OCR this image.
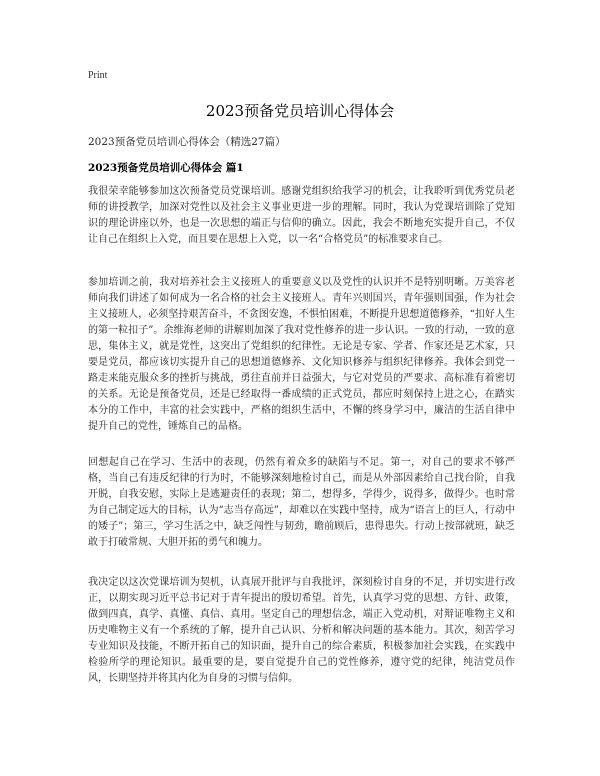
Print
2023预备党员培训心得体会

2023预备党员培训心得体会（精选27篇）

2023预备党员培训心得体会 篇1

我很荣幸能够参加这次预备党员党课培训。感谢党组织给我学习的机会，让我聆听到优秀党员老师的讲授教学，加深对党性以及社会主义事业更进一步的理解。同时，我认为党课培训除了党知识的理论讲座以外，也是一次思想的端正与信仰的确立。因此，我会不断地充实提升自己，不仅让自己在组织上入党，而且要在思想上入党，以一名“合格党员”的标准要求自己。

参加培训之前，我对培养社会主义接班人的重要意义以及党性的认识并不是特别明晰。万美容老师向我们讲述了如何成为一名合格的社会主义接班人。青年兴则国兴，青年强则国强，作为社会主义接班人，必须坚持艰苦奋斗，不贪图安逸，不惧怕困难，不断提升思想道德修养，“扣好人生的第一粒扣子”。余维海老师的讲解则加深了我对党性修养的进一步认识。一致的行动，一致的意思，集体主义，就是党性，这突出了党组织的纪律性。无论是专家、学者、作家还是艺术家，只要是党员，都应该切实提升自己的思想道德修养、文化知识修养与组织纪律修养。我体会到党一路走来能克服众多的挫折与挑战，勇往直前并日益强大，与它对党员的严要求、高标准有着密切的关系。无论是预备党员，还是已经取得一番成绩的正式党员，都应时刻保持上进之心，在踏实本分的工作中，丰富的社会实践中，严格的组织生活中，不懈的终身学习中，廉洁的生活自律中提升自己的党性，锤炼自己的品格。

回想起自己在学习、生活中的表现，仍然有着众多的缺陷与不足。第一，对自己的要求不够严格，当自己有违反纪律的行为时，不能够深刻地检讨自己，而是从外部因素给自己找台阶，自我开脱，自我安慰，实际上是逃避责任的表现；第二，想得多，学得少，说得多，做得少。也时常为自己制定远大的目标，认为“志当存高远”，却难以在实践中坚持，成为“语言上的巨人，行动中的矮子”；第三，学习生活之中，缺乏闯性与韧劲，瞻前顾后，患得患失。行动上按部就班，缺乏敢于打破常规、大胆开拓的勇气和魄力。

我决定以这次党课培训为契机，认真展开批评与自我批评，深刻检讨自身的不足，并切实进行改正，以期实现习近平总书记对于青年提出的殷切希望。首先，认真学习党的思想、方针、政策，做到四真，真学、真懂、真信、真用。坚定自己的理想信念，端正入党动机，对辩证唯物主义和历史唯物主义有一个系统的了解，提升自己认识、分析和解决问题的基本能力。其次，刻苦学习专业知识及技能，不断开拓自己的知识面，提升自己的综合素质，积极参加社会实践，在实践中检验所学的理论知识。最重要的是，要自觉提升自己的党性修养，遵守党的纪律，纯洁党员作风，长期坚持并将其内化为自身的习惯与信仰。
